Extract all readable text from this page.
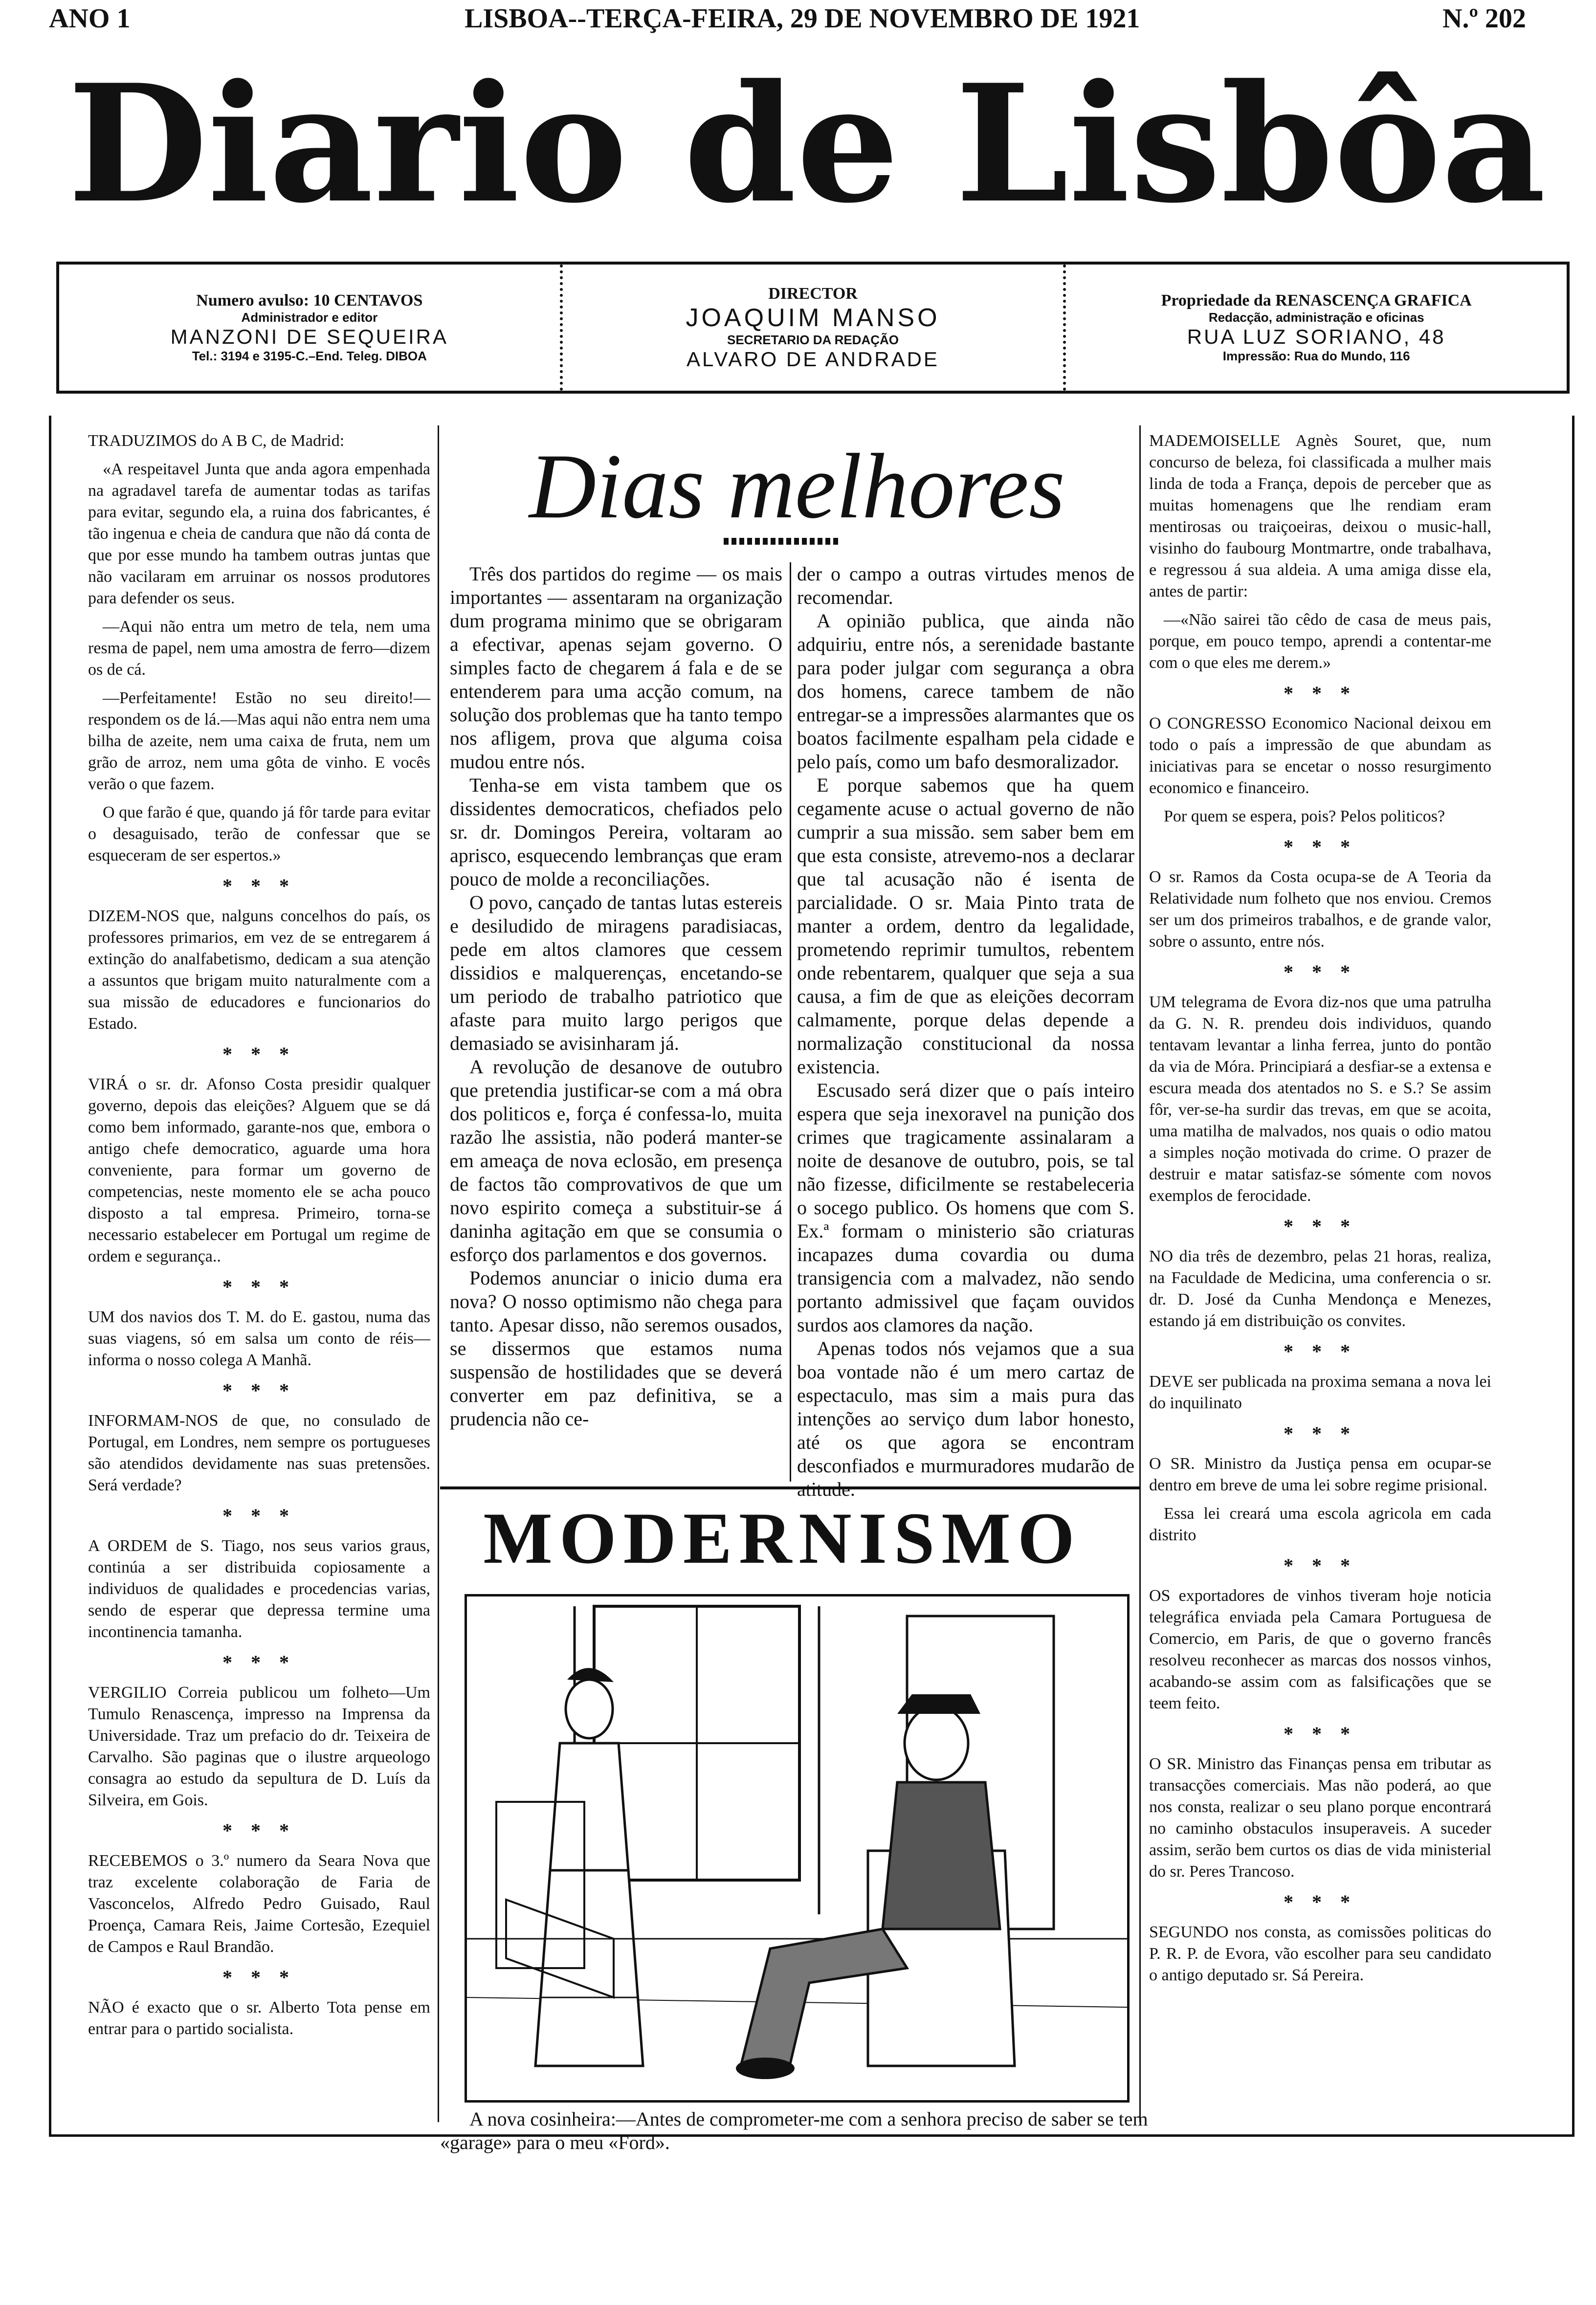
ANO 1	LISBOA--TERÇA-FEIRA, 29 DE NOVEMBRO DE 1921	N.º 202
Diario de Lisbôa
Numero avulso: 10 CENTAVOS
Administrador e editor
MANZONI DE SEQUEIRA
Tel.: 3194 e 3195-C.–End. Teleg. DIBOA
DIRECTOR
JOAQUIM MANSO
SECRETARIO DA REDAÇÃO
ALVARO DE ANDRADE
Propriedade da RENASCENÇA GRAFICA
Redacção, administração e oficinas
RUA LUZ SORIANO, 48
Impressão: Rua do Mundo, 116

TRADUZIMOS do A B C, de Madrid:

«A respeitavel Junta que anda agora empenhada na agradavel tarefa de aumentar todas as tarifas para evitar, segundo ela, a ruina dos fabricantes, é tão ingenua e cheia de candura que não dá conta de que por esse mundo ha tambem outras juntas que não vacilaram em arruinar os nossos produtores para defender os seus.

—Aqui não entra um metro de tela, nem uma resma de papel, nem uma amostra de ferro—dizem os de cá.

—Perfeitamente! Estão no seu direito!—respondem os de lá.—Mas aqui não entra nem uma bilha de azeite, nem uma caixa de fruta, nem um grão de arroz, nem uma gôta de vinho. E vocês verão o que fazem.

O que farão é que, quando já fôr tarde para evitar o desaguisado, terão de confessar que se esqueceram de ser espertos.»

* * *

DIZEM-NOS que, nalguns concelhos do país, os professores primarios, em vez de se entregarem á extinção do analfabetismo, dedicam a sua atenção a assuntos que brigam muito naturalmente com a sua missão de educadores e funcionarios do Estado.

* * *

VIRÁ o sr. dr. Afonso Costa presidir qualquer governo, depois das eleições? Alguem que se dá como bem informado, garante-nos que, embora o antigo chefe democratico, aguarde uma hora conveniente, para formar um governo de competencias, neste momento ele se acha pouco disposto a tal empresa. Primeiro, torna-se necessario estabelecer em Portugal um regime de ordem e segurança..

* * *

UM dos navios dos T. M. do E. gastou, numa das suas viagens, só em salsa um conto de réis—informa o nosso colega A Manhã.

* * *

INFORMAM-NOS de que, no consulado de Portugal, em Londres, nem sempre os portugueses são atendidos devidamente nas suas pretensões. Será verdade?

* * *

A ORDEM de S. Tiago, nos seus varios graus, continúa a ser distribuida copiosamente a individuos de qualidades e procedencias varias, sendo de esperar que depressa termine uma incontinencia tamanha.

* * *

VERGILIO Correia publicou um folheto—Um Tumulo Renascença, impresso na Imprensa da Universidade. Traz um prefacio do dr. Teixeira de Carvalho. São paginas que o ilustre arqueologo consagra ao estudo da sepultura de D. Luís da Silveira, em Gois.

* * *

RECEBEMOS o 3.º numero da Seara Nova que traz excelente colaboração de Faria de Vasconcelos, Alfredo Pedro Guisado, Raul Proença, Camara Reis, Jaime Cortesão, Ezequiel de Campos e Raul Brandão.

* * *

NÃO é exacto que o sr. Alberto Tota pense em entrar para o partido socialista.

Dias melhores

Três dos partidos do regime — os mais importantes — assentaram na organização dum programa minimo que se obrigaram a efectivar, apenas sejam governo. O simples facto de chegarem á fala e de se entenderem para uma acção comum, na solução dos problemas que ha tanto tempo nos afligem, prova que alguma coisa mudou entre nós.

Tenha-se em vista tambem que os dissidentes democraticos, chefiados pelo sr. dr. Domingos Pereira, voltaram ao aprisco, esquecendo lembranças que eram pouco de molde a reconciliações.

O povo, cançado de tantas lutas estereis e desiludido de miragens paradisiacas, pede em altos clamores que cessem dissidios e malquerenças, encetando-se um periodo de trabalho patriotico que afaste para muito largo perigos que demasiado se avisinharam já.

A revolução de desanove de outubro que pretendia justificar-se com a má obra dos politicos e, força é confessa-lo, muita razão lhe assistia, não poderá manter-se em ameaça de nova eclosão, em presença de factos tão comprovativos de que um novo espirito começa a substituir-se á daninha agitação em que se consumia o esforço dos parlamentos e dos governos.

Podemos anunciar o inicio duma era nova? O nosso optimismo não chega para tanto. Apesar disso, não seremos ousados, se dissermos que estamos numa suspensão de hostilidades que se deverá converter em paz definitiva, se a prudencia não ce-

der o campo a outras virtudes menos de recomendar.

A opinião publica, que ainda não adquiriu, entre nós, a serenidade bastante para poder julgar com segurança a obra dos homens, carece tambem de não entregar-se a impressões alarmantes que os boatos facilmente espalham pela cidade e pelo país, como um bafo desmoralizador.

E porque sabemos que ha quem cegamente acuse o actual governo de não cumprir a sua missão. sem saber bem em que esta consiste, atrevemo-nos a declarar que tal acusação não é isenta de parcialidade. O sr. Maia Pinto trata de manter a ordem, dentro da legalidade, prometendo reprimir tumultos, rebentem onde rebentarem, qualquer que seja a sua causa, a fim de que as eleições decorram calmamente, porque delas depende a normalização constitucional da nossa existencia.

Escusado será dizer que o país inteiro espera que seja inexoravel na punição dos crimes que tragicamente assinalaram a noite de desanove de outubro, pois, se tal não fizesse, dificilmente se restabeleceria o socego publico. Os homens que com S. Ex.ª formam o ministerio são criaturas incapazes duma covardia ou duma transigencia com a malvadez, não sendo portanto admissivel que façam ouvidos surdos aos clamores da nação.

Apenas todos nós vejamos que a sua boa vontade não é um mero cartaz de espectaculo, mas sim a mais pura das intenções ao serviço dum labor honesto, até os que agora se encontram desconfiados e murmuradores mudarão de atitude.

MODERNISMO
A nova cosinheira:—Antes de comprometer-me com a senhora preciso de saber se tem «garage» para o meu «Ford».

MADEMOISELLE Agnès Souret, que, num concurso de beleza, foi classificada a mulher mais linda de toda a França, depois de perceber que as muitas homenagens que lhe rendiam eram mentirosas ou traiçoeiras, deixou o music-hall, visinho do faubourg Montmartre, onde trabalhava, e regressou á sua aldeia. A uma amiga disse ela, antes de partir:

—«Não sairei tão cêdo de casa de meus pais, porque, em pouco tempo, aprendi a contentar-me com o que eles me derem.»

* * *

O CONGRESSO Economico Nacional deixou em todo o país a impressão de que abundam as iniciativas para se encetar o nosso resurgimento economico e financeiro.

Por quem se espera, pois? Pelos politicos?

* * *

O sr. Ramos da Costa ocupa-se de A Teoria da Relatividade num folheto que nos enviou. Cremos ser um dos primeiros trabalhos, e de grande valor, sobre o assunto, entre nós.

* * *

UM telegrama de Evora diz-nos que uma patrulha da G. N. R. prendeu dois individuos, quando tentavam levantar a linha ferrea, junto do pontão da via de Móra. Principiará a desfiar-se a extensa e escura meada dos atentados no S. e S.? Se assim fôr, ver-se-ha surdir das trevas, em que se acoita, uma matilha de malvados, nos quais o odio matou a simples noção motivada do crime. O prazer de destruir e matar satisfaz-se sómente com novos exemplos de ferocidade.

* * *

NO dia três de dezembro, pelas 21 horas, realiza, na Faculdade de Medicina, uma conferencia o sr. dr. D. José da Cunha Mendonça e Menezes, estando já em distribuição os convites.

* * *

DEVE ser publicada na proxima semana a nova lei do inquilinato

* * *

O SR. Ministro da Justiça pensa em ocupar-se dentro em breve de uma lei sobre regime prisional.

Essa lei creará uma escola agricola em cada distrito

* * *

OS exportadores de vinhos tiveram hoje noticia telegráfica enviada pela Camara Portuguesa de Comercio, em Paris, de que o governo francês resolveu reconhecer as marcas dos nossos vinhos, acabando-se assim com as falsificações que se teem feito.

* * *

O SR. Ministro das Finanças pensa em tributar as transacções comerciais. Mas não poderá, ao que nos consta, realizar o seu plano porque encontrará no caminho obstaculos insuperaveis. A suceder assim, serão bem curtos os dias de vida ministerial do sr. Peres Trancoso.

* * *

SEGUNDO nos consta, as comissões politicas do P. R. P. de Evora, vão escolher para seu candidato o antigo deputado sr. Sá Pereira.
